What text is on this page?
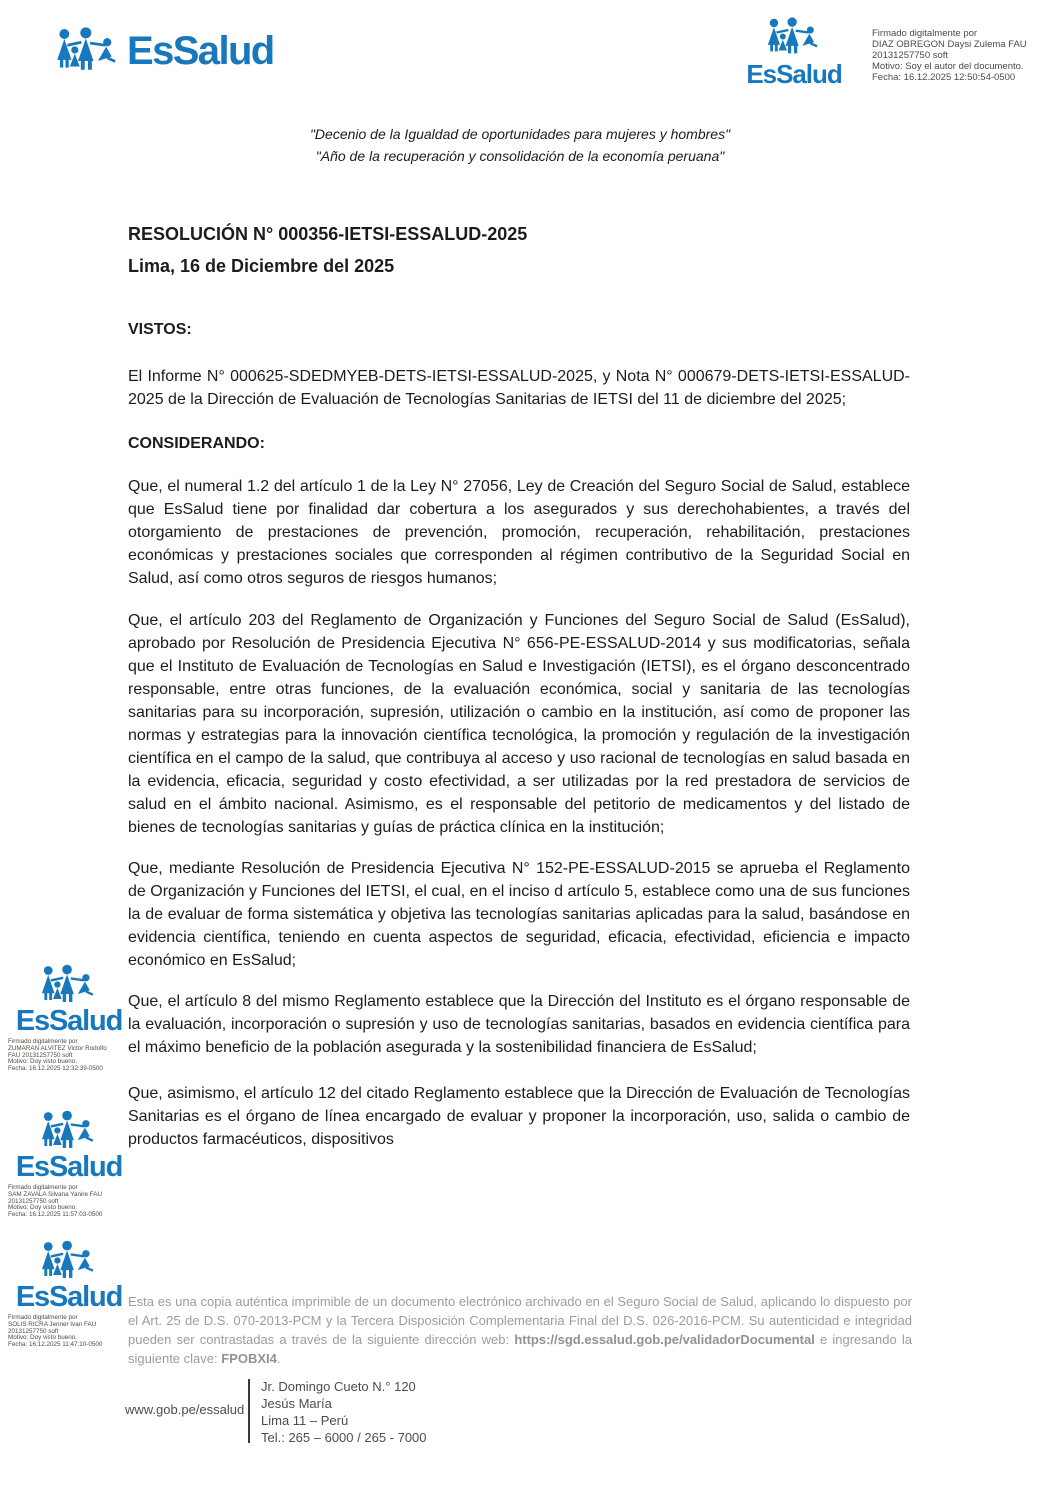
EsSalud
EsSalud
Firmado digitalmente por
DIAZ OBREGON Daysi Zulema FAU
20131257750 soft
Motivo: Soy el autor del documento.
Fecha: 16.12.2025 12:50:54-0500
"Decenio de la Igualdad de oportunidades para mujeres y hombres"
"Año de la recuperación y consolidación de la economía peruana"
RESOLUCIÓN N° 000356-IETSI-ESSALUD-2025
Lima, 16 de Diciembre del 2025
VISTOS:

El Informe N° 000625-SDEDMYEB-DETS-IETSI-ESSALUD-2025, y Nota N° 000679-DETS-IETSI-ESSALUD-2025 de la Dirección de Evaluación de Tecnologías Sanitarias de IETSI del 11 de diciembre del 2025;

CONSIDERANDO:

Que, el numeral 1.2 del artículo 1 de la Ley N° 27056, Ley de Creación del Seguro Social de Salud, establece que EsSalud tiene por finalidad dar cobertura a los asegurados y sus derechohabientes, a través del otorgamiento de prestaciones de prevención, promoción, recuperación, rehabilitación, prestaciones económicas y prestaciones sociales que corresponden al régimen contributivo de la Seguridad Social en Salud, así como otros seguros de riesgos humanos;

Que, el artículo 203 del Reglamento de Organización y Funciones del Seguro Social de Salud (EsSalud), aprobado por Resolución de Presidencia Ejecutiva N° 656-PE-ESSALUD-2014 y sus modificatorias, señala que el Instituto de Evaluación de Tecnologías en Salud e Investigación (IETSI), es el órgano desconcentrado responsable, entre otras funciones, de la evaluación económica, social y sanitaria de las tecnologías sanitarias para su incorporación, supresión, utilización o cambio en la institución, así como de proponer las normas y estrategias para la innovación científica tecnológica, la promoción y regulación de la investigación científica en el campo de la salud, que contribuya al acceso y uso racional de tecnologías en salud basada en la evidencia, eficacia, seguridad y costo efectividad, a ser utilizadas por la red prestadora de servicios de salud en el ámbito nacional. Asimismo, es el responsable del petitorio de medicamentos y del listado de bienes de tecnologías sanitarias y guías de práctica clínica en la institución;

Que, mediante Resolución de Presidencia Ejecutiva N° 152-PE-ESSALUD-2015 se aprueba el Reglamento de Organización y Funciones del IETSI, el cual, en el inciso d artículo 5, establece como una de sus funciones la de evaluar de forma sistemática y objetiva las tecnologías sanitarias aplicadas para la salud, basándose en evidencia científica, teniendo en cuenta aspectos de seguridad, eficacia, efectividad, eficiencia e impacto económico en EsSalud;

Que, el artículo 8 del mismo Reglamento establece que la Dirección del Instituto es el órgano responsable de la evaluación, incorporación o supresión y uso de tecnologías sanitarias, basados en evidencia científica para el máximo beneficio de la población asegurada y la sostenibilidad financiera de EsSalud;

Que, asimismo, el artículo 12 del citado Reglamento establece que la Dirección de Evaluación de Tecnologías Sanitarias es el órgano de línea encargado de evaluar y proponer la incorporación, uso, salida o cambio de productos farmacéuticos, dispositivos

EsSalud
Firmado digitalmente por
ZUMARAN ALVITEZ Victor Rodolfo
FAU 20131257750 soft
Motivo: Doy visto bueno.
Fecha: 16.12.2025 12:32:39-0500
EsSalud
Firmado digitalmente por
SAM ZAVALA Silvana Yanire FAU
20131257750 soft
Motivo: Doy visto bueno.
Fecha: 16.12.2025 11:57:03-0500
EsSalud
Firmado digitalmente por
SOLIS RICRA Jenner Ivan FAU
20131257750 soft
Motivo: Doy visto bueno.
Fecha: 16.12.2025 11:47:10-0500
Esta es una copia auténtica imprimible de un documento electrónico archivado en el Seguro Social de Salud, aplicando lo dispuesto por el Art. 25 de D.S. 070-2013-PCM y la Tercera Disposición Complementaria Final del D.S. 026-2016-PCM. Su autenticidad e integridad pueden ser contrastadas a través de la siguiente dirección web: https://sgd.essalud.gob.pe/validadorDocumental e ingresando la siguiente clave: FPOBXI4.
www.gob.pe/essalud
Jr. Domingo Cueto N.° 120
Jesús María
Lima 11 – Perú
Tel.: 265 – 6000 / 265 - 7000
